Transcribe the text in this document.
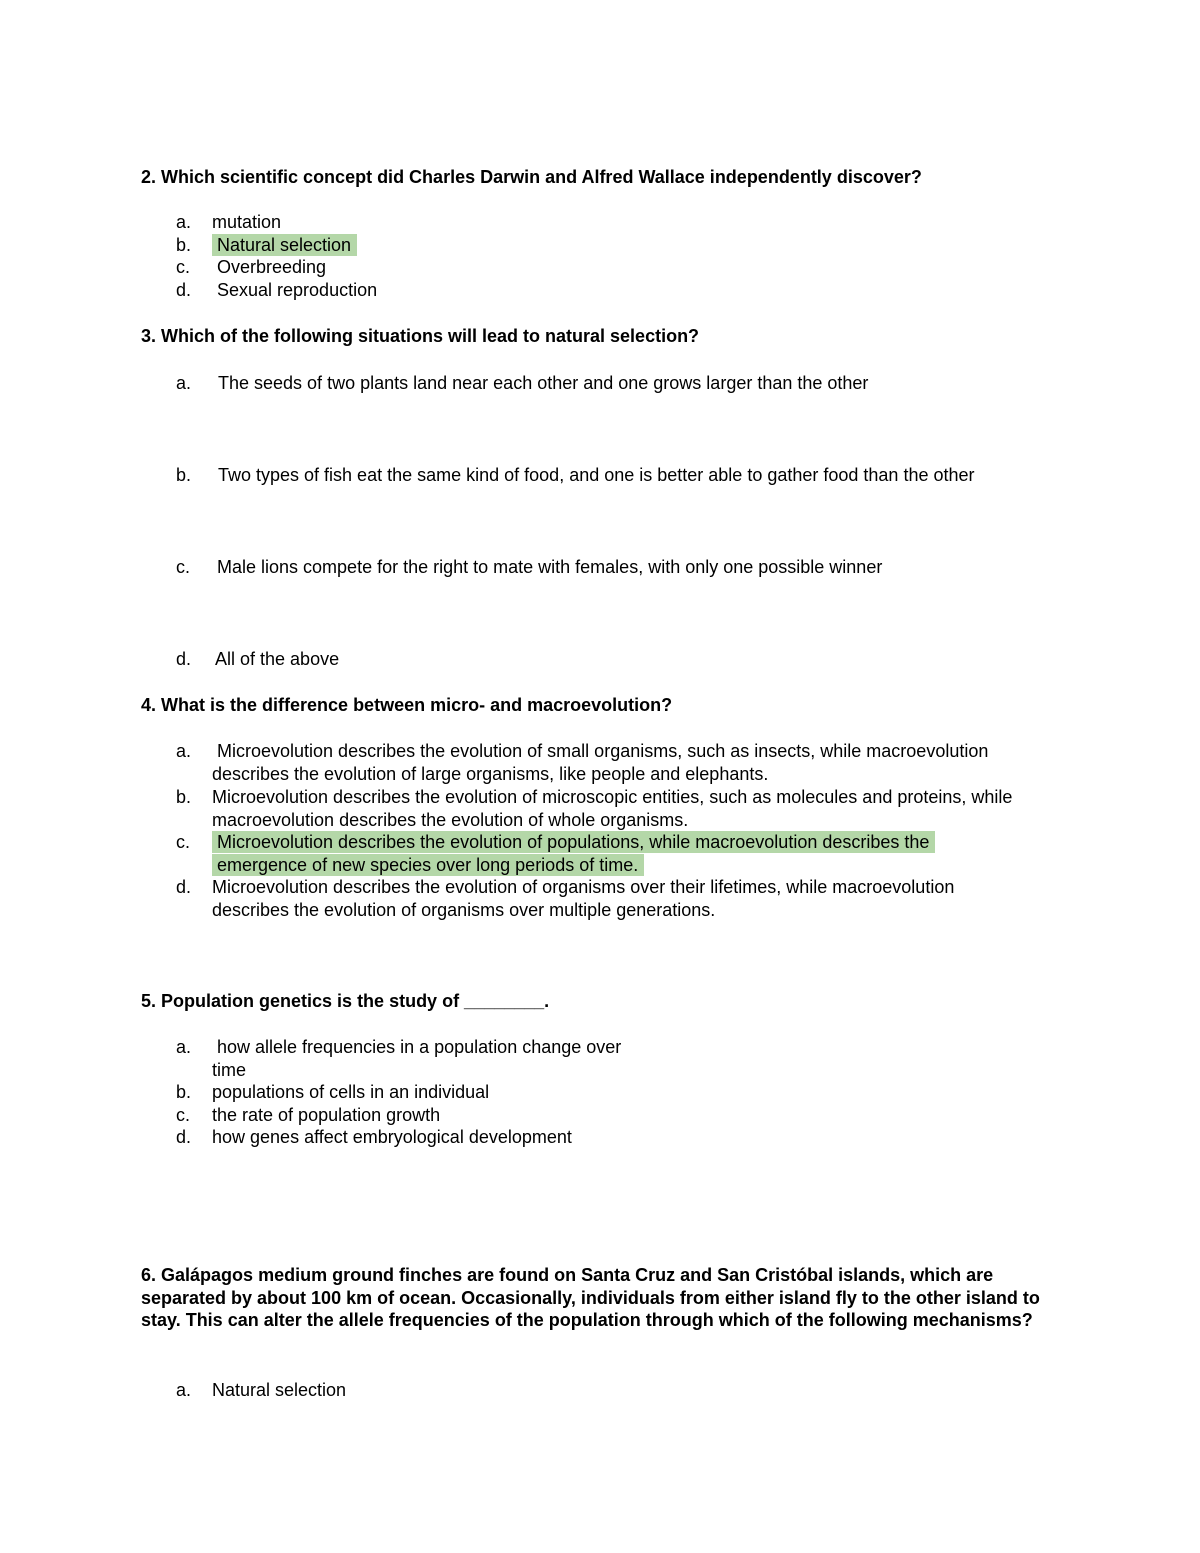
2. Which scientific concept did Charles Darwin and Alfred Wallace independently discover?
a.	mutation
b.	Natural selection
c.	Overbreeding
d.	Sexual reproduction
3. Which of the following situations will lead to natural selection?
a.	The seeds of two plants land near each other and one grows larger than the other
b.	Two types of fish eat the same kind of food, and one is better able to gather food than the other
c.	Male lions compete for the right to mate with females, with only one possible winner
d.	All of the above
4. What is the difference between micro- and macroevolution?
a.	Microevolution describes the evolution of small organisms, such as insects, while macroevolution describes the evolution of large organisms, like people and elephants.
b.	Microevolution describes the evolution of microscopic entities, such as molecules and proteins, while macroevolution describes the evolution of whole organisms.
c.	Microevolution describes the evolution of populations, while macroevolution describes the emergence of new species over long periods of time.
d.	Microevolution describes the evolution of organisms over their lifetimes, while macroevolution describes the evolution of organisms over multiple generations.
5. Population genetics is the study of ________.
a.	how allele frequencies in a population change over time
b.	populations of cells in an individual
c.	the rate of population growth
d.	how genes affect embryological development
6. Galápagos medium ground finches are found on Santa Cruz and San Cristóbal islands, which are separated by about 100 km of ocean. Occasionally, individuals from either island fly to the other island to stay. This can alter the allele frequencies of the population through which of the following mechanisms?
a.	Natural selection
